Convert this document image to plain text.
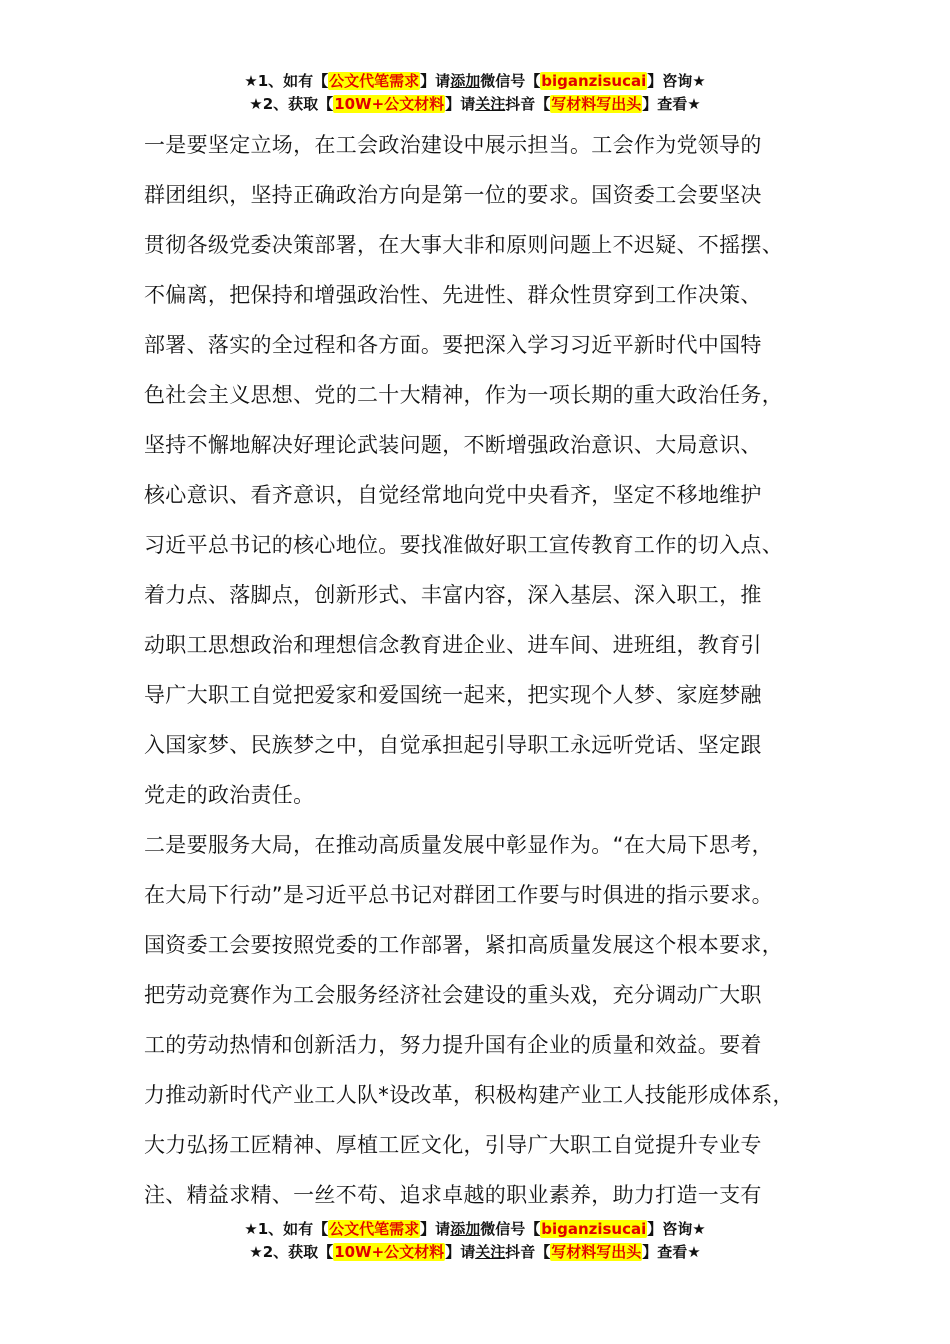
★1、如有【公文代笔需求】请添加微信号【biganzisucai】咨询★
★2、获取【10W+公文材料】请关注抖音【写材料写出头】查看★
一是要坚定立场，在工会政治建设中展示担当。工会作为党领导的
群团组织，坚持正确政治方向是第一位的要求。国资委工会要坚决
贯彻各级党委决策部署，在大事大非和原则问题上不迟疑、不摇摆、
不偏离，把保持和增强政治性、先进性、群众性贯穿到工作决策、
部署、落实的全过程和各方面。要把深入学习习近平新时代中国特
色社会主义思想、党的二十大精神，作为一项长期的重大政治任务，
坚持不懈地解决好理论武装问题，不断增强政治意识、大局意识、
核心意识、看齐意识，自觉经常地向党中央看齐，坚定不移地维护
习近平总书记的核心地位。要找准做好职工宣传教育工作的切入点、
着力点、落脚点，创新形式、丰富内容，深入基层、深入职工，推
动职工思想政治和理想信念教育进企业、进车间、进班组，教育引
导广大职工自觉把爱家和爱国统一起来，把实现个人梦、家庭梦融
入国家梦、民族梦之中，自觉承担起引导职工永远听党话、坚定跟
党走的政治责任。
二是要服务大局，在推动高质量发展中彰显作为。“在大局下思考，
在大局下行动”是习近平总书记对群团工作要与时俱进的指示要求。
国资委工会要按照党委的工作部署，紧扣高质量发展这个根本要求，
把劳动竞赛作为工会服务经济社会建设的重头戏，充分调动广大职
工的劳动热情和创新活力，努力提升国有企业的质量和效益。要着
力推动新时代产业工人队*设改革，积极构建产业工人技能形成体系，
大力弘扬工匠精神、厚植工匠文化，引导广大职工自觉提升专业专
注、精益求精、一丝不苟、追求卓越的职业素养，助力打造一支有
★1、如有【公文代笔需求】请添加微信号【biganzisucai】咨询★
★2、获取【10W+公文材料】请关注抖音【写材料写出头】查看★
